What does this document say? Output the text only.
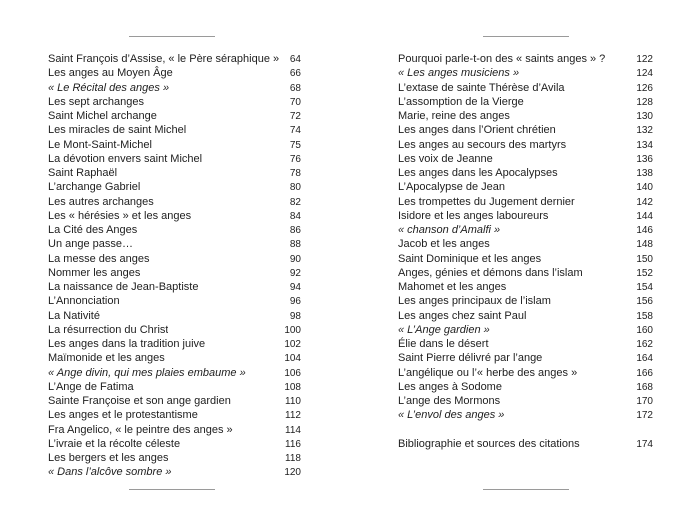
Saint François d’Assise, « le Père séraphique »	64
Les anges au Moyen Âge	66
« Le Récital des anges »	68
Les sept archanges	70
Saint Michel archange	72
Les miracles de saint Michel	74
Le Mont-Saint-Michel	75
La dévotion envers saint Michel	76
Saint Raphaël	78
L’archange Gabriel	80
Les autres archanges	82
Les « hérésies » et les anges	84
La Cité des Anges	86
Un ange passe…	88
La messe des anges	90
Nommer les anges	92
La naissance de Jean-Baptiste	94
L’Annonciation	96
La Nativité	98
La résurrection du Christ	100
Les anges dans la tradition juive	102
Maïmonide et les anges	104
« Ange divin, qui mes plaies embaume »	106
L’Ange de Fatima	108
Sainte Françoise et son ange gardien	110
Les anges et le protestantisme	112
Fra Angelico, « le peintre des anges »	114
L’ivraie et la récolte céleste	116
Les bergers et les anges	118
« Dans l’alcôve sombre »	120
Pourquoi parle-t-on des « saints anges » ?	122
« Les anges musiciens »	124
L’extase de sainte Thérèse d’Avila	126
L’assomption de la Vierge	128
Marie, reine des anges	130
Les anges dans l’Orient chrétien	132
Les anges au secours des martyrs	134
Les voix de Jeanne	136
Les anges dans les Apocalypses	138
L’Apocalypse de Jean	140
Les trompettes du Jugement dernier	142
Isidore et les anges laboureurs	144
« chanson d’Amalfi »	146
Jacob et les anges	148
Saint Dominique et les anges	150
Anges, génies et démons dans l’islam	152
Mahomet et les anges	154
Les anges principaux de l’islam	156
Les anges chez saint Paul	158
« L’Ange gardien »	160
Élie dans le désert	162
Saint Pierre délivré par l’ange	164
L’angélique ou l’« herbe des anges »	166
Les anges à Sodome	168
L’ange des Mormons	170
« L’envol des anges »	172
Bibliographie et sources des citations	174
